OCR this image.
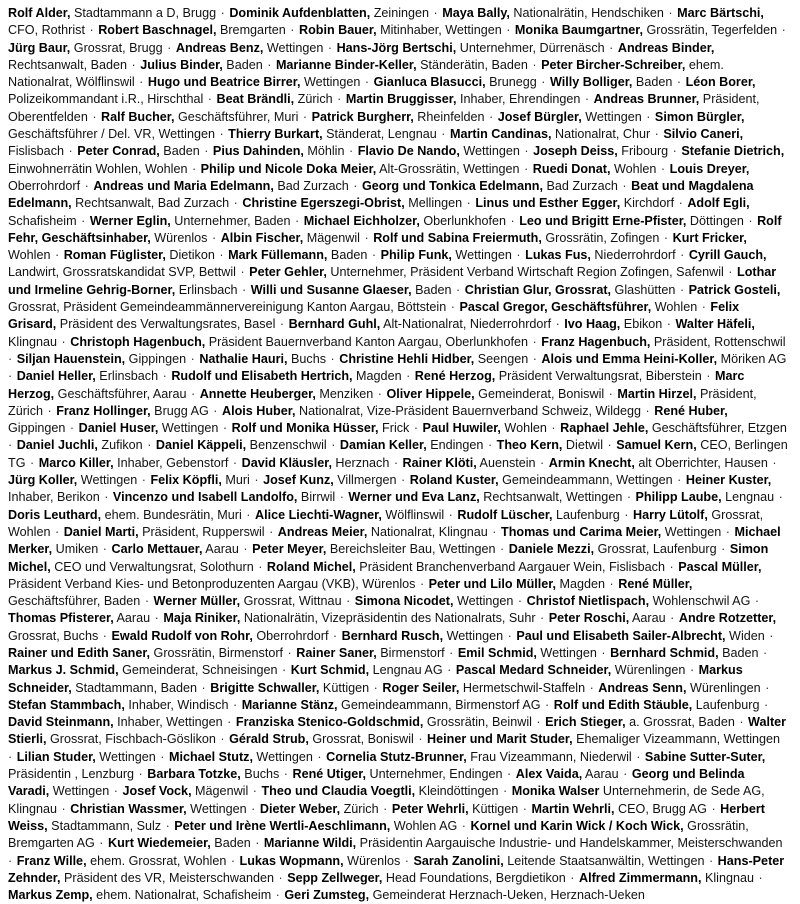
Rolf Alder, Stadtammann a D, Brugg · Dominik Aufdenblatten, Zeiningen · Maya Bally, Nationalrätin, Hendschiken · Marc Bärtschi, CFO, Rothrist · Robert Baschnagel, Bremgarten · Robin Bauer, Mitinhaber, Wettingen · Monika Baumgartner, Grossrätin, Tegerfelden · Jürg Baur, Grossrat, Brugg · Andreas Benz, Wettingen · Hans-Jörg Bertschi, Unternehmer, Dürrenäsch · Andreas Binder, Rechtsanwalt, Baden · Julius Binder, Baden · Marianne Binder-Keller, Ständerätin, Baden · Peter Bircher-Schreiber, ehem. Nationalrat, Wölflinswil · Hugo und Beatrice Birrer, Wettingen · Gianluca Blasucci, Brunegg · Willy Bolliger, Baden · Léon Borer, Polizeikommandant i.R., Hirschthal · Beat Brändli, Zürich · Martin Bruggisser, Inhaber, Ehrendingen · Andreas Brunner, Präsident, Oberentfelden · Ralf Bucher, Geschäftsführer, Muri · Patrick Burgherr, Rheinfelden · Josef Bürgler, Wettingen · Simon Bürgler, Geschäftsführer / Del. VR, Wettingen · Thierry Burkart, Ständerat, Lengnau · Martin Candinas, Nationalrat, Chur · Silvio Caneri, Fislisbach · Peter Conrad, Baden · Pius Dahinden, Möhlin · Flavio De Nando, Wettingen · Joseph Deiss, Fribourg · Stefanie Dietrich, Einwohnerrätin Wohlen, Wohlen · Philip und Nicole Doka Meier, Alt-Grossrätin, Wettingen · Ruedi Donat, Wohlen · Louis Dreyer, Oberrohrdorf · Andreas und Maria Edelmann, Bad Zurzach · Georg und Tonkica Edelmann, Bad Zurzach · Beat und Magdalena Edelmann, Rechtsanwalt, Bad Zurzach · Christine Egerszegi-Obrist, Mellingen · Linus und Esther Egger, Kirchdorf · Adolf Egli, Schafisheim · Werner Eglin, Unternehmer, Baden · Michael Eichholzer, Oberlunkhofen · Leo und Brigitt Erne-Pfister, Döttingen · Rolf Fehr, Geschäftsinhaber, Würenlos · Albin Fischer, Mägenwil · Rolf und Sabina Freiermuth, Grossrätin, Zofingen · Kurt Fricker, Wohlen · Roman Füglister, Dietikon · Mark Füllemann, Baden · Philip Funk, Wettingen · Lukas Fus, Niederrohrdorf · Cyrill Gauch, Landwirt, Grossratskandidat SVP, Bettwil · Peter Gehler, Unternehmer, Präsident Verband Wirtschaft Region Zofingen, Safenwil · Lothar und Irmeline Gehrig-Borner, Erlinsbach · Willi und Susanne Glaeser, Baden · Christian Glur, Grossrat, Glashütten · Patrick Gosteli, Grossrat, Präsident Gemeindeammännervereinigung Kanton Aargau, Böttstein · Pascal Gregor, Geschäftsführer, Wohlen · Felix Grisard, Präsident des Verwaltungsrates, Basel · Bernhard Guhl, Alt-Nationalrat, Niederrohrdorf · Ivo Haag, Ebikon · Walter Häfeli, Klingnau · Christoph Hagenbuch, Präsident Bauernverband Kanton Aargau, Oberlunkhofen · Franz Hagenbuch, Präsident, Rottenschwil · Siljan Hauenstein, Gippingen · Nathalie Hauri, Buchs · Christine Hehli Hidber, Seengen · Alois und Emma Heini-Koller, Möriken AG · Daniel Heller, Erlinsbach · Rudolf und Elisabeth Hertrich, Magden · René Herzog, Präsident Verwaltungsrat, Biberstein · Marc Herzog, Geschäftsführer, Aarau · Annette Heuberger, Menziken · Oliver Hippele, Gemeinderat, Boniswil · Martin Hirzel, Präsident, Zürich · Franz Hollinger, Brugg AG · Alois Huber, Nationalrat, Vize-Präsident Bauernverband Schweiz, Wildegg · René Huber, Gippingen · Daniel Huser, Wettingen · Rolf und Monika Hüsser, Frick · Paul Huwiler, Wohlen · Raphael Jehle, Geschäftsführer, Etzgen · Daniel Juchli, Zufikon · Daniel Käppeli, Benzenschwil · Damian Keller, Endingen · Theo Kern, Dietwil · Samuel Kern, CEO, Berlingen TG · Marco Killer, Inhaber, Gebenstorf · David Kläusler, Herznach · Rainer Klöti, Auenstein · Armin Knecht, alt Oberrichter, Hausen · Jürg Koller, Wettingen · Felix Köpfli, Muri · Josef Kunz, Villmergen · Roland Kuster, Gemeindeammann, Wettingen · Heiner Kuster, Inhaber, Berikon · Vincenzo und Isabell Landolfo, Birrwil · Werner und Eva Lanz, Rechtsanwalt, Wettingen · Philipp Laube, Lengnau · Doris Leuthard, ehem. Bundesrätin, Muri · Alice Liechti-Wagner, Wölflinswil · Rudolf Lüscher, Laufenburg · Harry Lütolf, Grossrat, Wohlen · Daniel Marti, Präsident, Rupperswil · Andreas Meier, Nationalrat, Klingnau · Thomas und Carima Meier, Wettingen · Michael Merker, Umiken · Carlo Mettauer, Aarau · Peter Meyer, Bereichsleiter Bau, Wettingen · Daniele Mezzi, Grossrat, Laufenburg · Simon Michel, CEO und Verwaltungsrat, Solothurn · Roland Michel, Präsident Branchenverband Aargauer Wein, Fislisbach · Pascal Müller, Präsident Verband Kies- und Betonproduzenten Aargau (VKB), Würenlos · Peter und Lilo Müller, Magden · René Müller, Geschäftsführer, Baden · Werner Müller, Grossrat, Wittnau · Simona Nicodet, Wettingen · Christof Nietlispach, Wohlenschwil AG · Thomas Pfisterer, Aarau · Maja Riniker, Nationalrätin, Vizepräsidentin des Nationalrats, Suhr · Peter Roschi, Aarau · Andre Rotzetter, Grossrat, Buchs · Ewald Rudolf von Rohr, Oberrohrdorf · Bernhard Rusch, Wettingen · Paul und Elisabeth Sailer-Albrecht, Widen · Rainer und Edith Saner, Grossrätin, Birmenstorf · Rainer Saner, Birmenstorf · Emil Schmid, Wettingen · Bernhard Schmid, Baden · Markus J. Schmid, Gemeinderat, Schneisingen · Kurt Schmid, Lengnau AG · Pascal Medard Schneider, Würenlingen · Markus Schneider, Stadtammann, Baden · Brigitte Schwaller, Küttigen · Roger Seiler, Hermetschwil-Staffeln · Andreas Senn, Würenlingen · Stefan Stammbach, Inhaber, Windisch · Marianne Stänz, Gemeindeammann, Birmenstorf AG · Rolf und Edith Stäuble, Laufenburg · David Steinmann, Inhaber, Wettingen · Franziska Stenico-Goldschmid, Grossrätin, Beinwil · Erich Stieger, a. Grossrat, Baden · Walter Stierli, Grossrat, Fischbach-Göslikon · Gérald Strub, Grossrat, Boniswil · Heiner und Marit Studer, Ehemaliger Vizeammann, Wettingen · Lilian Studer, Wettingen · Michael Stutz, Wettingen · Cornelia Stutz-Brunner, Frau Vizeammann, Niederwil · Sabine Sutter-Suter, Präsidentin , Lenzburg · Barbara Totzke, Buchs · René Utiger, Unternehmer, Endingen · Alex Vaida, Aarau · Georg und Belinda Varadi, Wettingen · Josef Vock, Mägenwil · Theo und Claudia Voegtli, Kleindöttingen · Monika Walser Unternehmerin, de Sede AG, Klingnau · Christian Wassmer, Wettingen · Dieter Weber, Zürich · Peter Wehrli, Küttigen · Martin Wehrli, CEO, Brugg AG · Herbert Weiss, Stadtammann, Sulz · Peter und Irène Wertli-Aeschlimann, Wohlen AG · Kornel und Karin Wick / Koch Wick, Grossrätin, Bremgarten AG · Kurt Wiedemeier, Baden · Marianne Wildi, Präsidentin Aargauische Industrie- und Handelskammer, Meisterschwanden · Franz Wille, ehem. Grossrat, Wohlen · Lukas Wopmann, Würenlos · Sarah Zanolini, Leitende Staatsanwältin, Wettingen · Hans-Peter Zehnder, Präsident des VR, Meisterschwanden · Sepp Zellweger, Head Foundations, Bergdietikon · Alfred Zimmermann, Klingnau · Markus Zemp, ehem. Nationalrat, Schafisheim · Geri Zumsteg, Gemeinderat Herznach-Ueken, Herznach-Ueken
